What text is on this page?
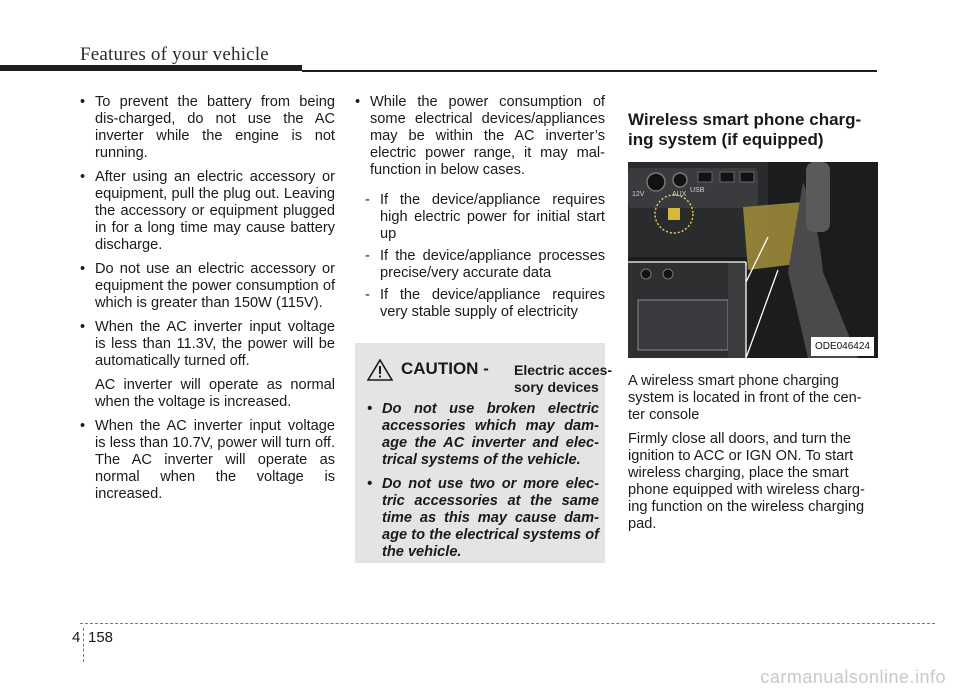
Features of your vehicle
• To prevent the battery from being dis-charged, do not use the AC inverter while the engine is not running.
• After using an electric accessory or equipment, pull the plug out. Leaving the accessory or equipment plugged in for a long time may cause battery discharge.
• Do not use an electric accessory or equipment the power consumption of which is greater than 150W (115V).
• When the AC inverter input voltage is less than 11.3V, the power will be automatically turned off.
AC inverter will operate as normal when the voltage is increased.
• When the AC inverter input voltage is less than 10.7V, power will turn off. The AC inverter will operate as normal when the voltage is increased.
• While the power consumption of some electrical devices/appliances may be within the AC inverter’s electric power range, it may mal-function in below cases.
- If the device/appliance requires high electric power for initial start up
- If the device/appliance processes precise/very accurate data
- If the device/appliance requires very stable supply of electricity
CAUTION - Electric acces-
sory devices
• Do not use broken electric accessories which may dam-age the AC inverter and elec-trical systems of the vehicle.
• Do not use two or more elec-tric accessories at the same time as this may cause dam-age to the electrical systems of the vehicle.
Wireless smart phone charg-
ing system (if equipped)
12V	AUX
USB
ODE046424
A wireless smart phone charging system is located in front of the cen-ter console
Firmly close all doors, and turn the ignition to ACC or IGN ON. To start wireless charging, place the smart phone equipped with wireless charg-ing function on the wireless charging pad.
4 158
carmanualsonline.info
